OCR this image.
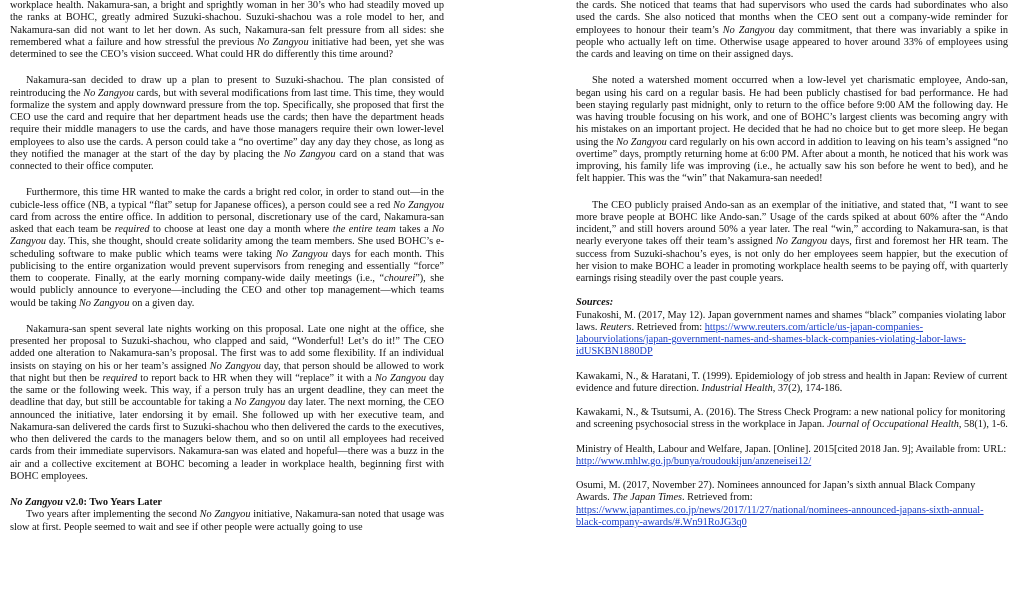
workplace health. Nakamura-san, a bright and sprightly woman in her 30’s who had steadily moved up the ranks at BOHC, greatly admired Suzuki-shachou. Suzuki-shachou was a role model to her, and Nakamura-san did not want to let her down. As such, Nakamura-san felt pressure from all sides: she remembered what a failure and how stressful the previous No Zangyou initiative had been, yet she was determined to see the CEO’s vision succeed. What could HR do differently this time around?

Nakamura-san decided to draw up a plan to present to Suzuki-shachou. The plan consisted of reintroducing the No Zangyou cards, but with several modifications from last time. This time, they would formalize the system and apply downward pressure from the top. Specifically, she proposed that first the CEO use the card and require that her department heads use the cards; then have the department heads require their middle managers to use the cards, and have those managers require their own lower-level employees to also use the cards. A person could take a “no overtime” day any day they chose, as long as they notified the manager at the start of the day by placing the No Zangyou card on a stand that was connected to their office computer.

Furthermore, this time HR wanted to make the cards a bright red color, in order to stand out—in the cubicle-less office (NB, a typical “flat” setup for Japanese offices), a person could see a red No Zangyou card from across the entire office. In addition to personal, discretionary use of the card, Nakamura-san asked that each team be required to choose at least one day a month where the entire team takes a No Zangyou day. This, she thought, should create solidarity among the team members. She used BOHC’s e-scheduling software to make public which teams were taking No Zangyou days for each month. This publicising to the entire organization would prevent supervisors from reneging and essentially “force” them to cooperate. Finally, at the early morning company-wide daily meetings (i.e., “chourei”), she would publicly announce to everyone—including the CEO and other top management—which teams would be taking No Zangyou on a given day.

Nakamura-san spent several late nights working on this proposal. Late one night at the office, she presented her proposal to Suzuki-shachou, who clapped and said, “Wonderful! Let’s do it!” The CEO added one alteration to Nakamura-san’s proposal. The first was to add some flexibility. If an individual insists on staying on his or her team’s assigned No Zangyou day, that person should be allowed to work that night but then be required to report back to HR when they will “replace” it with a No Zangyou day the same or the following week. This way, if a person truly has an urgent deadline, they can meet the deadline that day, but still be accountable for taking a No Zangyou day later. The next morning, the CEO announced the initiative, later endorsing it by email. She followed up with her executive team, and Nakamura-san delivered the cards first to Suzuki-shachou who then delivered the cards to the executives, who then delivered the cards to the managers below them, and so on until all employees had received cards from their immediate supervisors. Nakamura-san was elated and hopeful—there was a buzz in the air and a collective excitement at BOHC becoming a leader in workplace health, beginning first with BOHC employees.

No Zangyou v2.0: Two Years Later

Two years after implementing the second No Zangyou initiative, Nakamura-san noted that usage was slow at first. People seemed to wait and see if other people were actually going to use

the cards. She noticed that teams that had supervisors who used the cards had subordinates who also used the cards. She also noticed that months when the CEO sent out a company-wide reminder for employees to honour their team’s No Zangyou day commitment, that there was invariably a spike in people who actually left on time. Otherwise usage appeared to hover around 33% of employees using the cards and leaving on time on their assigned days.

She noted a watershed moment occurred when a low-level yet charismatic employee, Ando-san, began using his card on a regular basis. He had been publicly chastised for bad performance. He had been staying regularly past midnight, only to return to the office before 9:00 AM the following day. He was having trouble focusing on his work, and one of BOHC’s largest clients was becoming angry with his mistakes on an important project. He decided that he had no choice but to get more sleep. He began using the No Zangyou card regularly on his own accord in addition to leaving on his team’s assigned “no overtime” days, promptly returning home at 6:00 PM. After about a month, he noticed that his work was improving, his family life was improving (i.e., he actually saw his son before he went to bed), and he felt happier. This was the “win” that Nakamura-san needed!

The CEO publicly praised Ando-san as an exemplar of the initiative, and stated that, “I want to see more brave people at BOHC like Ando-san.” Usage of the cards spiked at about 60% after the “Ando incident,” and still hovers around 50% a year later. The real “win,” according to Nakamura-san, is that nearly everyone takes off their team’s assigned No Zangyou days, first and foremost her HR team. The success from Suzuki-shachou’s eyes, is not only do her employees seem happier, but the execution of her vision to make BOHC a leader in promoting workplace health seems to be paying off, with quarterly earnings rising steadily over the past couple years.

Sources:

Funakoshi, M. (2017, May 12). Japan government names and shames “black” companies violating labor laws. Reuters. Retrieved from: https://www.reuters.com/article/us-japan-companies-labourviolations/japan-government-names-and-shames-black-companies-violating-labor-laws-idUSKBN1880DP

Kawakami, N., & Haratani, T. (1999). Epidemiology of job stress and health in Japan: Review of current evidence and future direction. Industrial Health, 37(2), 174-186.

Kawakami, N., & Tsutsumi, A. (2016). The Stress Check Program: a new national policy for monitoring and screening psychosocial stress in the workplace in Japan. Journal of Occupational Health, 58(1), 1-6.

Ministry of Health, Labour and Welfare, Japan. [Online]. 2015[cited 2018 Jan. 9]; Available from: URL: http://www.mhlw.go.jp/bunya/roudoukijun/anzeneisei12/

Osumi, M. (2017, November 27). Nominees announced for Japan’s sixth annual Black Company Awards. The Japan Times. Retrieved from: https://www.japantimes.co.jp/news/2017/11/27/national/nominees-announced-japans-sixth-annual-black-company-awards/#.Wn91RoJG3q0
